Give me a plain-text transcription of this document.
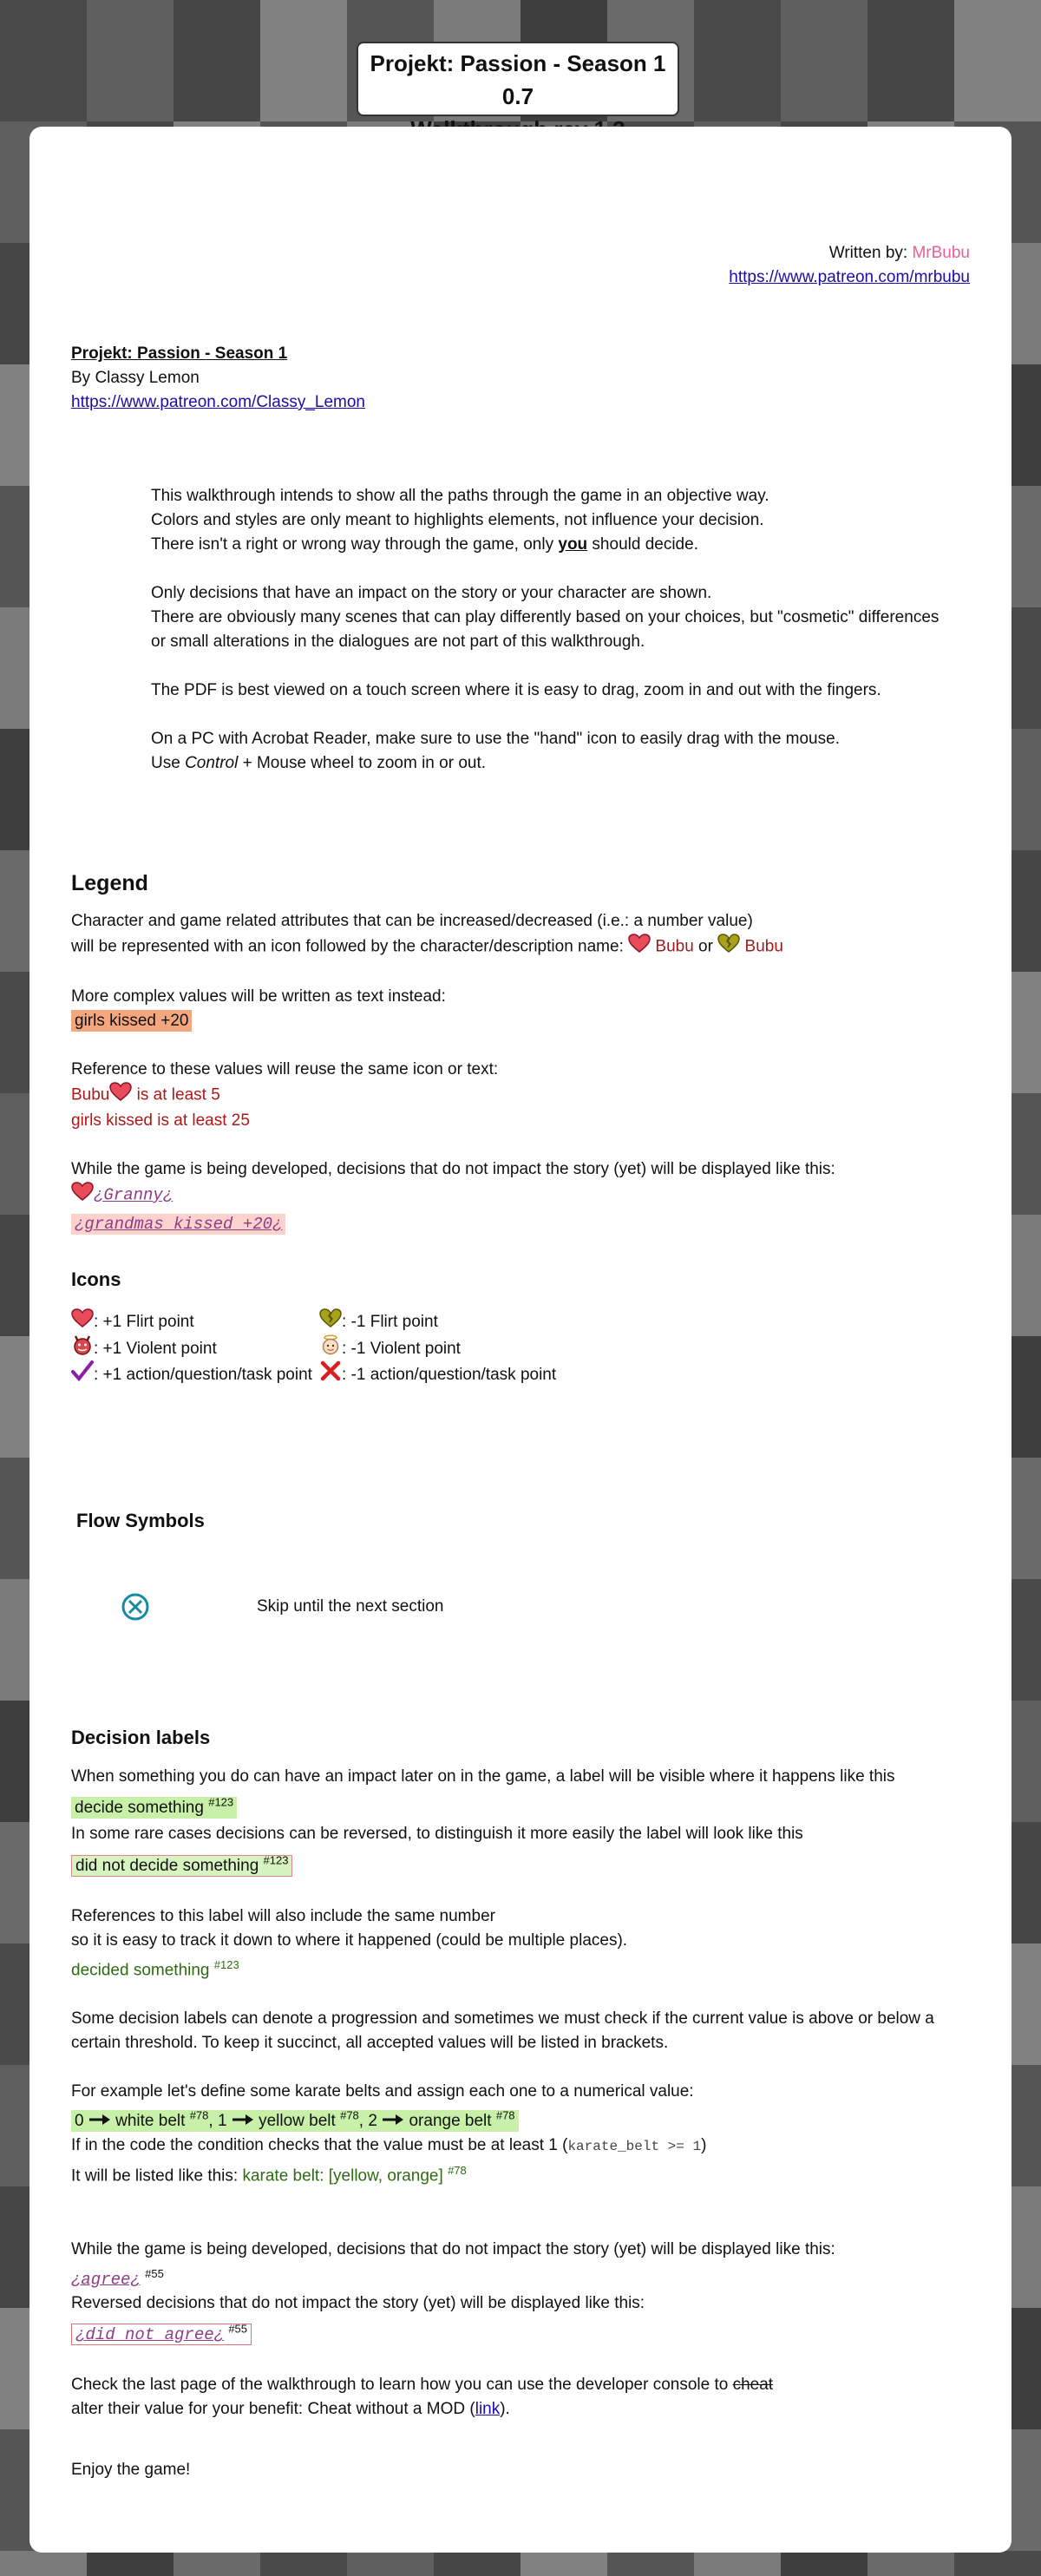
Projekt: Passion - Season 1 0.7
Written by: MrBubu
https://www.patreon.com/mrbubu
Projekt: Passion - Season 1
By Classy Lemon
https://www.patreon.com/Classy_Lemon
This walkthrough intends to show all the paths through the game in an objective way.
Colors and styles are only meant to highlights elements, not influence your decision.
There isn't a right or wrong way through the game, only you should decide.
Only decisions that have an impact on the story or your character are shown.
There are obviously many scenes that can play differently based on your choices, but "cosmetic" differences
or small alterations in the dialogues are not part of this walkthrough.
The PDF is best viewed on a touch screen where it is easy to drag, zoom in and out with the fingers.
On a PC with Acrobat Reader, make sure to use the "hand" icon to easily drag with the mouse.
Use Control + Mouse wheel to zoom in or out.
Legend
Character and game related attributes that can be increased/decreased (i.e.: a number value)
will be represented with an icon followed by the character/description name:  Bubu or  Bubu
More complex values will be written as text instead:
girls kissed +20
Reference to these values will reuse the same icon or text:
Bubu is at least 5
girls kissed is at least 25
While the game is being developed, decisions that do not impact the story (yet) will be displayed like this:
¿Granny¿
¿grandmas kissed +20¿
Icons
: +1 Flirt point
: +1 Violent point
: +1 action/question/task point
: -1 Flirt point
: -1 Violent point
: -1 action/question/task point
Flow Symbols
Skip until the next section
Decision labels
When something you do can have an impact later on in the game, a label will be visible where it happens like this
decide something $^{\#123}$
In some rare cases decisions can be reversed, to distinguish it more easily the label will look like this
did not decide something $^{\#123}$
References to this label will also include the same number
so it is easy to track it down to where it happened (could be multiple places).
decided something $^{\#123}$
Some decision labels can denote a progression and sometimes we must check if the current value is above or below a
certain threshold. To keep it succinct, all accepted values will be listed in brackets.
For example let's define some karate belts and assign each one to a numerical value:
0 white belt $^{\#78}$, 1 yellow belt $^{\#78}$, 2 orange belt $^{\#78}$
If in the code the condition checks that the value must be at least 1 (karate_belt >= 1)
It will be listed like this: karate belt: [yellow, orange] $^{\#78}$
While the game is being developed, decisions that do not impact the story (yet) will be displayed like this:
¿agree¿ $^{\#55}$
Reversed decisions that do not impact the story (yet) will be displayed like this:
¿did not agree¿ $^{\#55}$
Check the last page of the walkthrough to learn how you can use the developer console to cheat
alter their value for your benefit: Cheat without a MOD (link).
Enjoy the game!
